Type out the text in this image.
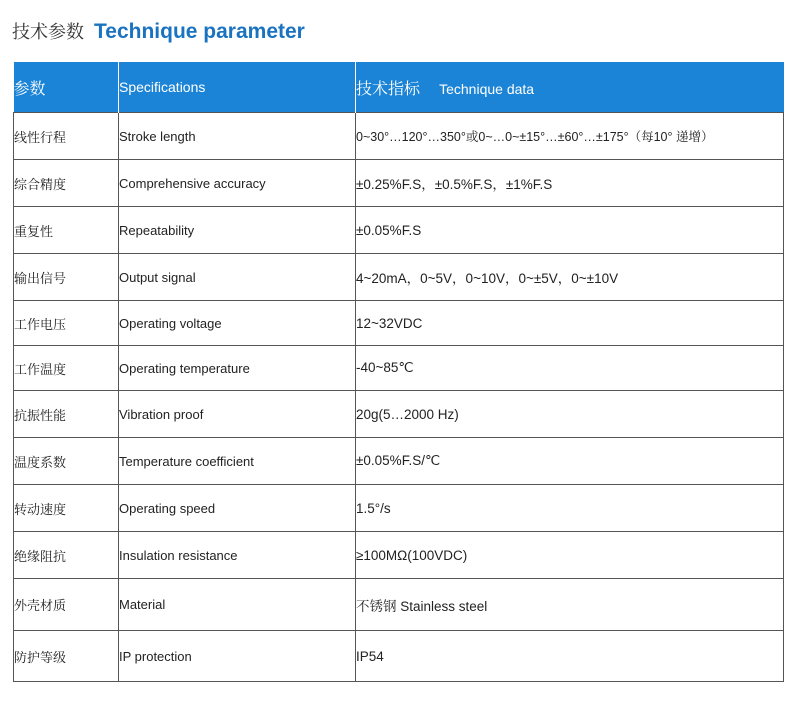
技术参数 Technique parameter
参数	Specifications	技术指标 Technique data
线性行程	Stroke length	0~30°…120°…350°或0~…0~±15°…±60°…±175°（每10° 递增）
综合精度	Comprehensive accuracy	±0.25%F.S，±0.5%F.S，±1%F.S
重复性	Repeatability	±0.05%F.S
输出信号	Output signal	4~20mA，0~5V，0~10V，0~±5V，0~±10V
工作电压	Operating voltage	12~32VDC
工作温度	Operating temperature	-40~85℃
抗振性能	Vibration proof	20g(5…2000 Hz)
温度系数	Temperature coefficient	±0.05%F.S/℃
转动速度	Operating speed	1.5°/s
绝缘阻抗	Insulation resistance	≥100MΩ(100VDC)
外壳材质	Material	不锈钢 Stainless steel
防护等级	IP protection	IP54
